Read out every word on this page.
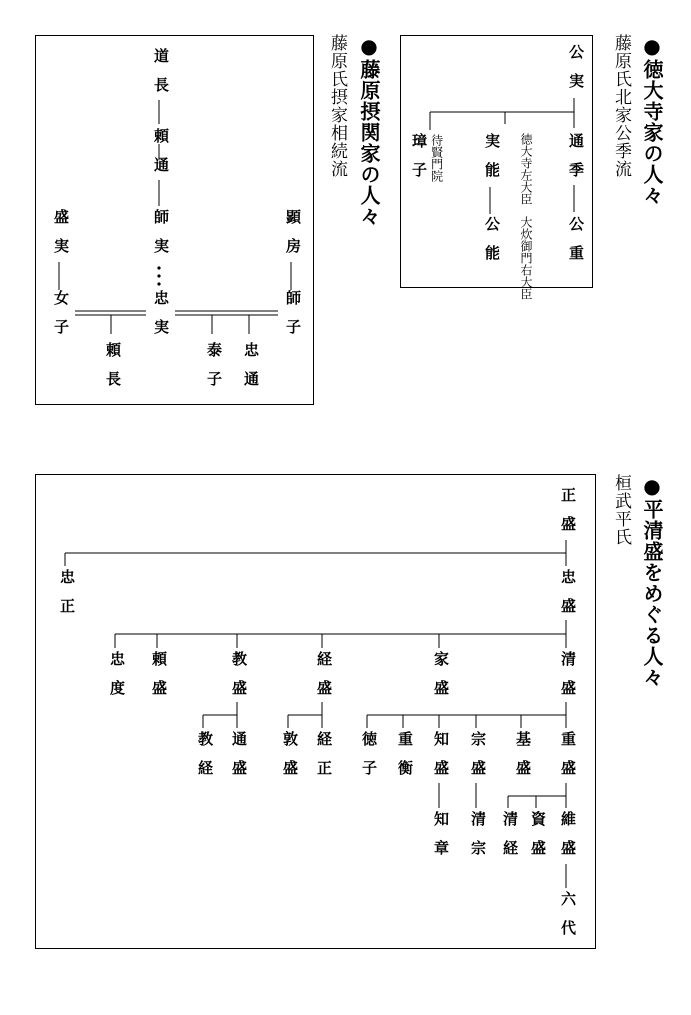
●徳大寺家の人々
藤原氏北家公季流
公実
通季
公重
徳大寺左大臣
実能
大炊御門右大臣
公能
待賢門院
璋子
●藤原摂関家の人々
藤原氏摂家相続流
道長
頼通
師実
忠実
顕房
師子
盛実
女子
頼長	泰子 忠通
●平清盛をめぐる人々
桓武平氏
正盛
忠盛
忠正
清盛
家盛
経盛
教盛
頼盛
忠度
重盛
基盛
宗盛
知盛
重衡
徳子
経正
敦盛
通盛
教経
維盛
資盛
清経
清宗
知章
六代
